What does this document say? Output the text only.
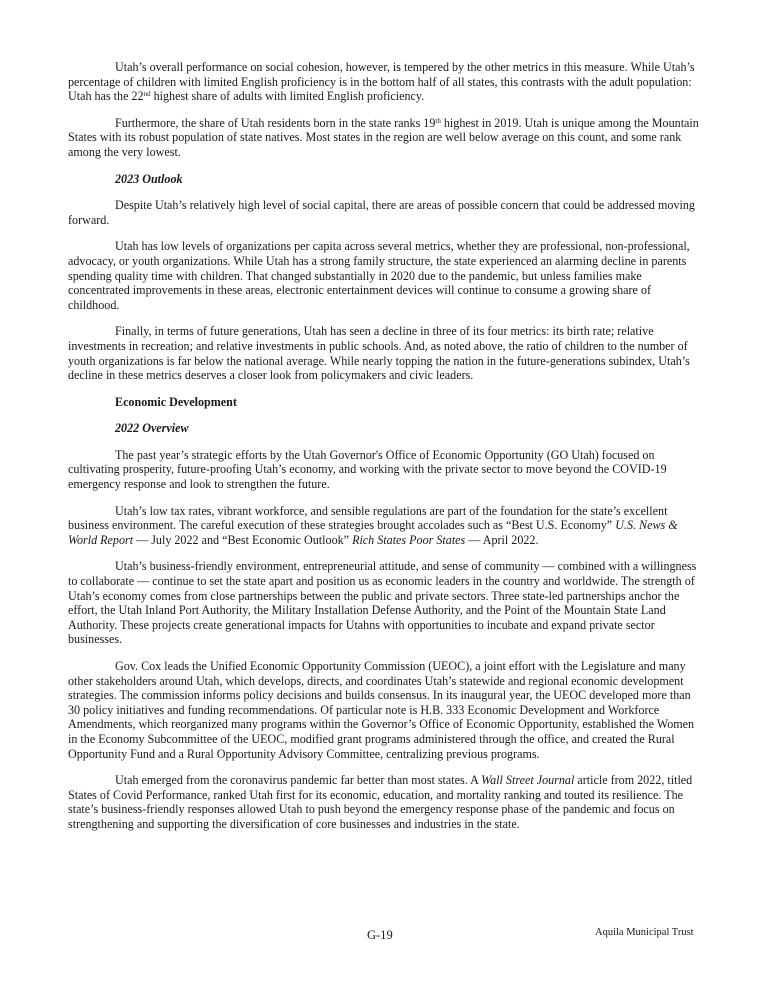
Utah’s overall performance on social cohesion, however, is tempered by the other metrics in this measure. While Utah’s percentage of children with limited English proficiency is in the bottom half of all states, this contrasts with the adult population: Utah has the 22nd highest share of adults with limited English proficiency.

Furthermore, the share of Utah residents born in the state ranks 19th highest in 2019. Utah is unique among the Mountain States with its robust population of state natives. Most states in the region are well below average on this count, and some rank among the very lowest.

2023 Outlook

Despite Utah’s relatively high level of social capital, there are areas of possible concern that could be addressed moving forward.

Utah has low levels of organizations per capita across several metrics, whether they are professional, non-professional, advocacy, or youth organizations. While Utah has a strong family structure, the state experienced an alarming decline in parents spending quality time with children. That changed substantially in 2020 due to the pandemic, but unless families make concentrated improvements in these areas, electronic entertainment devices will continue to consume a growing share of childhood.

Finally, in terms of future generations, Utah has seen a decline in three of its four metrics: its birth rate; relative investments in recreation; and relative investments in public schools. And, as noted above, the ratio of children to the number of youth organizations is far below the national average. While nearly topping the nation in the future-generations subindex, Utah’s decline in these metrics deserves a closer look from policymakers and civic leaders.

Economic Development
2022 Overview

The past year’s strategic efforts by the Utah Governor's Office of Economic Opportunity (GO Utah) focused on cultivating prosperity, future-proofing Utah’s economy, and working with the private sector to move beyond the COVID-19 emergency response and look to strengthen the future.

Utah’s low tax rates, vibrant workforce, and sensible regulations are part of the foundation for the state’s excellent business environment. The careful execution of these strategies brought accolades such as “Best U.S. Economy” U.S. News & World Report — July 2022 and “Best Economic Outlook” Rich States Poor States — April 2022.

Utah’s business-friendly environment, entrepreneurial attitude, and sense of community — combined with a willingness to collaborate — continue to set the state apart and position us as economic leaders in the country and worldwide. The strength of Utah’s economy comes from close partnerships between the public and private sectors. Three state-led partnerships anchor the effort, the Utah Inland Port Authority, the Military Installation Defense Authority, and the Point of the Mountain State Land Authority. These projects create generational impacts for Utahns with opportunities to incubate and expand private sector businesses.

Gov. Cox leads the Unified Economic Opportunity Commission (UEOC), a joint effort with the Legislature and many other stakeholders around Utah, which develops, directs, and coordinates Utah’s statewide and regional economic development strategies. The commission informs policy decisions and builds consensus. In its inaugural year, the UEOC developed more than 30 policy initiatives and funding recommendations. Of particular note is H.B. 333 Economic Development and Workforce Amendments, which reorganized many programs within the Governor’s Office of Economic Opportunity, established the Women in the Economy Subcommittee of the UEOC, modified grant programs administered through the office, and created the Rural Opportunity Fund and a Rural Opportunity Advisory Committee, centralizing previous programs.

Utah emerged from the coronavirus pandemic far better than most states. A Wall Street Journal article from 2022, titled States of Covid Performance, ranked Utah first for its economic, education, and mortality ranking and touted its resilience. The state’s business-friendly responses allowed Utah to push beyond the emergency response phase of the pandemic and focus on strengthening and supporting the diversification of core businesses and industries in the state.

G-19	Aquila Municipal Trust
